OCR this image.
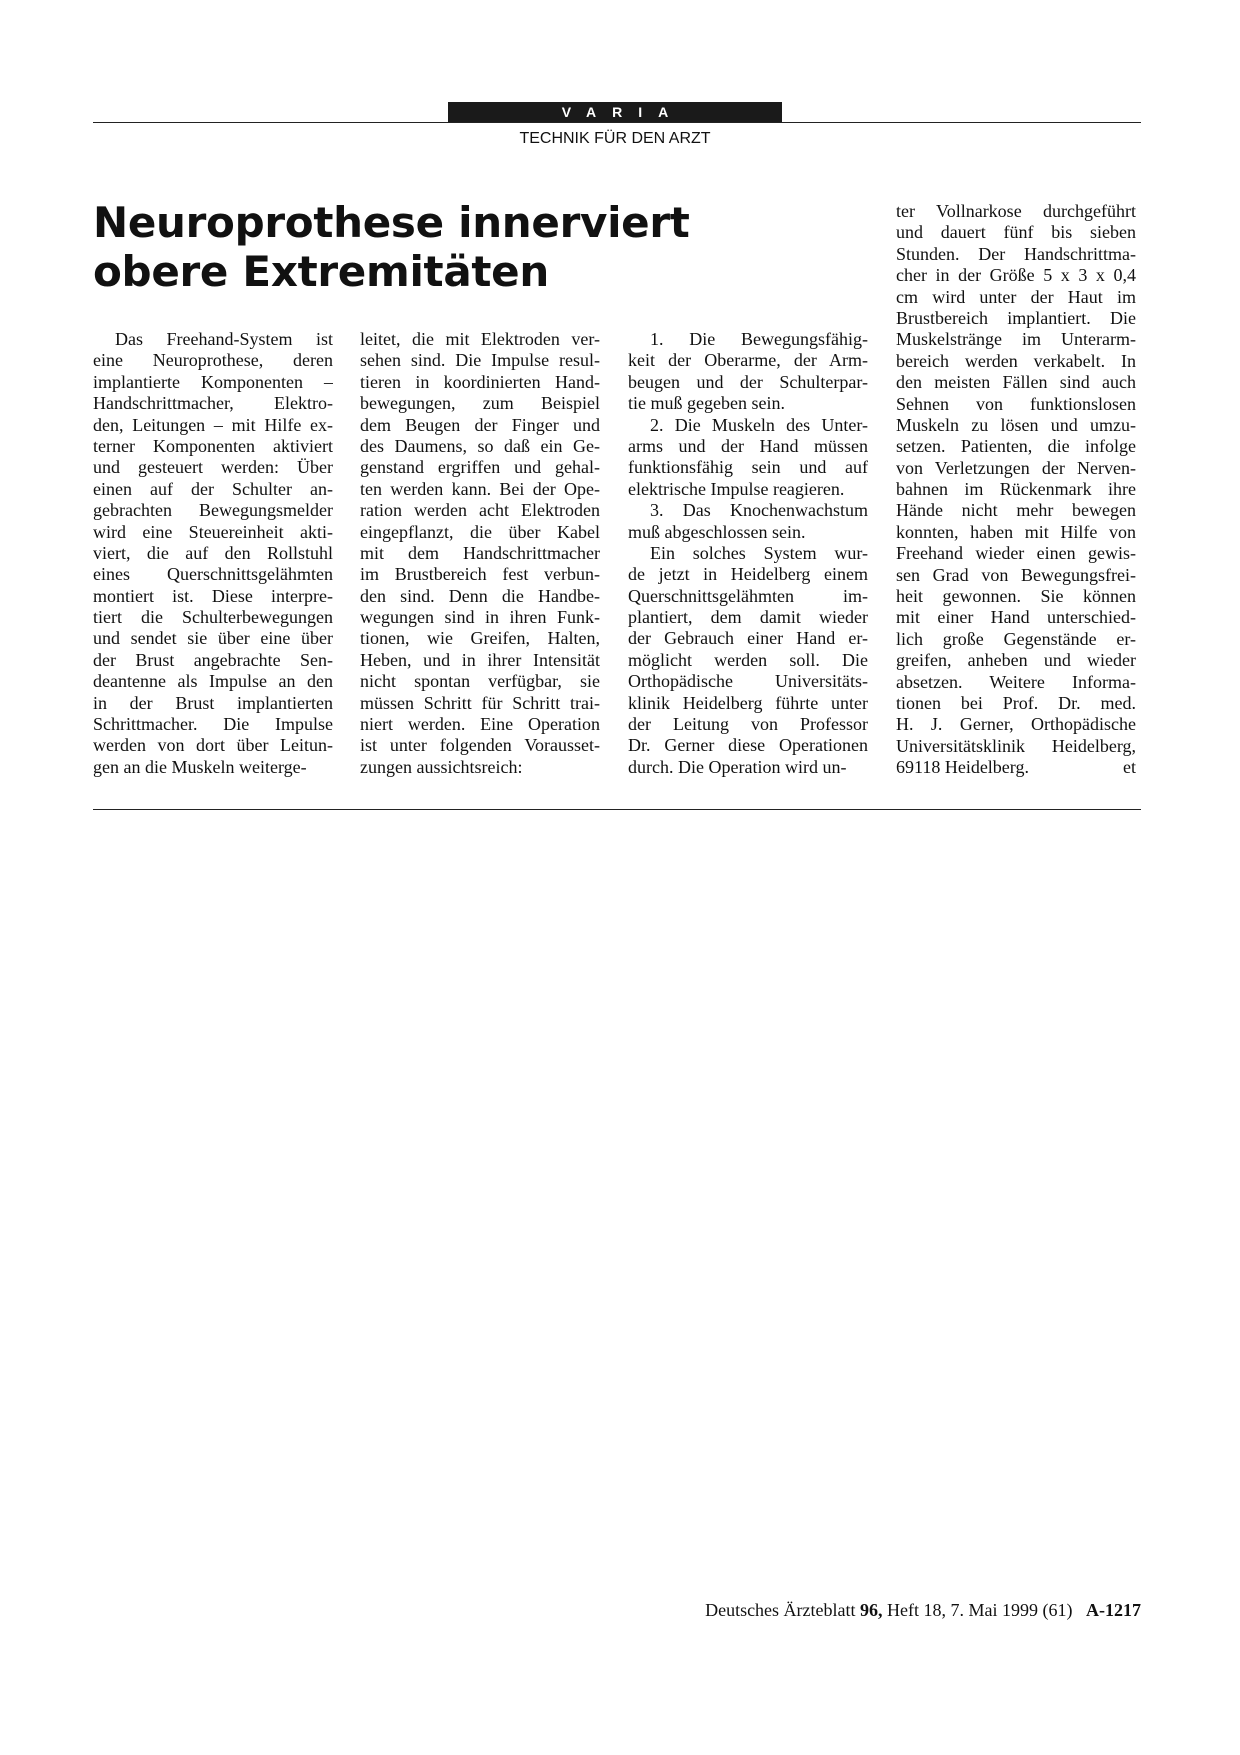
VARIA
TECHNIK FÜR DEN ARZT
Neuroprothese innerviert
obere Extremitäten
Das Freehand-System ist
eine Neuroprothese, deren
implantierte Komponenten –
Handschrittmacher, Elektro-
den, Leitungen – mit Hilfe ex-
terner Komponenten aktiviert
und gesteuert werden: Über
einen auf der Schulter an-
gebrachten Bewegungsmelder
wird eine Steuereinheit akti-
viert, die auf den Rollstuhl
eines Querschnittsgelähmten
montiert ist. Diese interpre-
tiert die Schulterbewegungen
und sendet sie über eine über
der Brust angebrachte Sen-
deantenne als Impulse an den
in der Brust implantierten
Schrittmacher. Die Impulse
werden von dort über Leitun-
gen an die Muskeln weiterge-
leitet, die mit Elektroden ver-
sehen sind. Die Impulse resul-
tieren in koordinierten Hand-
bewegungen, zum Beispiel
dem Beugen der Finger und
des Daumens, so daß ein Ge-
genstand ergriffen und gehal-
ten werden kann. Bei der Ope-
ration werden acht Elektroden
eingepflanzt, die über Kabel
mit dem Handschrittmacher
im Brustbereich fest verbun-
den sind. Denn die Handbe-
wegungen sind in ihren Funk-
tionen, wie Greifen, Halten,
Heben, und in ihrer Intensität
nicht spontan verfügbar, sie
müssen Schritt für Schritt trai-
niert werden. Eine Operation
ist unter folgenden Vorausset-
zungen aussichtsreich:
1. Die Bewegungsfähig-
keit der Oberarme, der Arm-
beugen und der Schulterpar-
tie muß gegeben sein.
2. Die Muskeln des Unter-
arms und der Hand müssen
funktionsfähig sein und auf
elektrische Impulse reagieren.
3. Das Knochenwachstum
muß abgeschlossen sein.
Ein solches System wur-
de jetzt in Heidelberg einem
Querschnittsgelähmten im-
plantiert, dem damit wieder
der Gebrauch einer Hand er-
möglicht werden soll. Die
Orthopädische Universitäts-
klinik Heidelberg führte unter
der Leitung von Professor
Dr. Gerner diese Operationen
durch. Die Operation wird un-
ter Vollnarkose durchgeführt
und dauert fünf bis sieben
Stunden. Der Handschrittma-
cher in der Größe 5 x 3 x 0,4
cm wird unter der Haut im
Brustbereich implantiert. Die
Muskelstränge im Unterarm-
bereich werden verkabelt. In
den meisten Fällen sind auch
Sehnen von funktionslosen
Muskeln zu lösen und umzu-
setzen. Patienten, die infolge
von Verletzungen der Nerven-
bahnen im Rückenmark ihre
Hände nicht mehr bewegen
konnten, haben mit Hilfe von
Freehand wieder einen gewis-
sen Grad von Bewegungsfrei-
heit gewonnen. Sie können
mit einer Hand unterschied-
lich große Gegenstände er-
greifen, anheben und wieder
absetzen. Weitere Informa-
tionen bei Prof. Dr. med.
H. J. Gerner, Orthopädische
Universitätsklinik Heidelberg,
69118 Heidelberg.	et
Deutsches Ärzteblatt 96, Heft 18, 7. Mai 1999 (61)   A-1217
